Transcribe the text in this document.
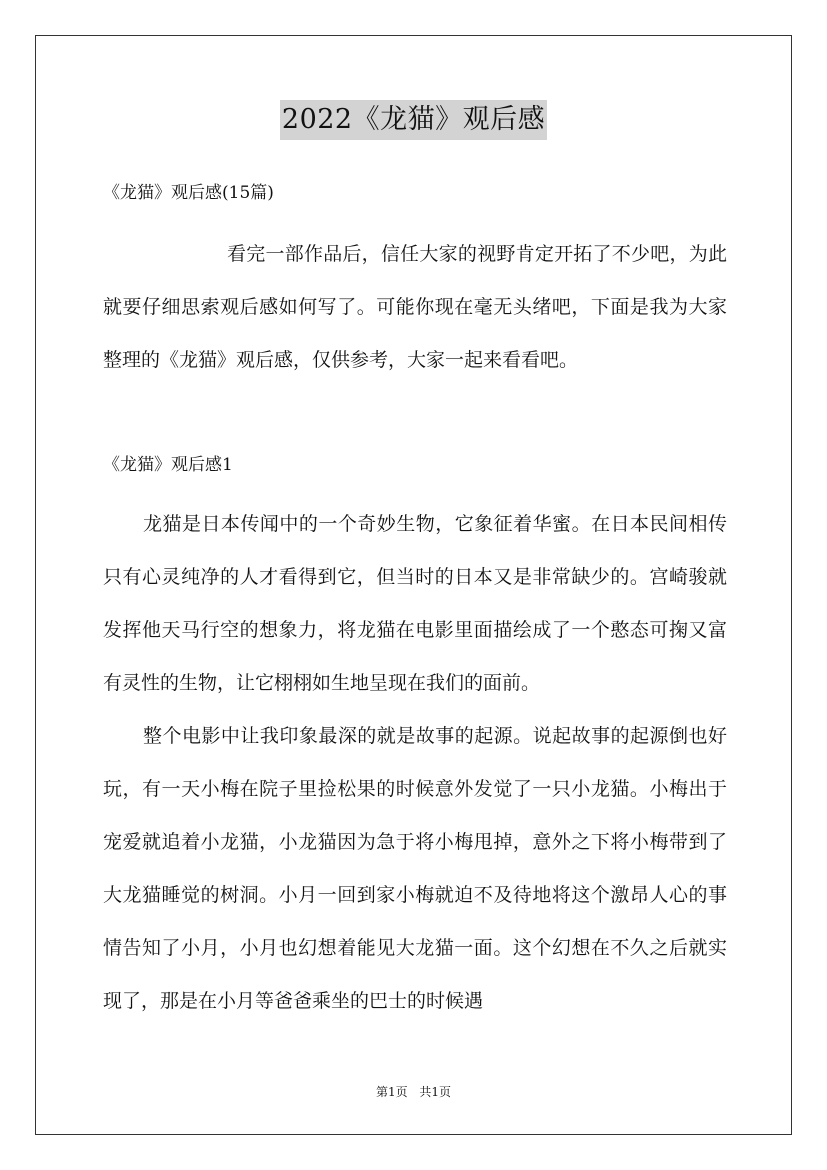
2022《龙猫》观后感
《龙猫》观后感(15篇)

看完一部作品后，信任大家的视野肯定开拓了不少吧，为此就要仔细思索观后感如何写了。可能你现在毫无头绪吧，下面是我为大家整理的《龙猫》观后感，仅供参考，大家一起来看看吧。

《龙猫》观后感1

龙猫是日本传闻中的一个奇妙生物，它象征着华蜜。在日本民间相传只有心灵纯净的人才看得到它，但当时的日本又是非常缺少的。宫崎骏就发挥他天马行空的想象力，将龙猫在电影里面描绘成了一个憨态可掬又富有灵性的生物，让它栩栩如生地呈现在我们的面前。

整个电影中让我印象最深的就是故事的起源。说起故事的起源倒也好玩，有一天小梅在院子里捡松果的时候意外发觉了一只小龙猫。小梅出于宠爱就追着小龙猫，小龙猫因为急于将小梅甩掉，意外之下将小梅带到了大龙猫睡觉的树洞。小月一回到家小梅就迫不及待地将这个激昂人心的事情告知了小月，小月也幻想着能见大龙猫一面。这个幻想在不久之后就实现了，那是在小月等爸爸乘坐的巴士的时候遇

第1页 共1页
